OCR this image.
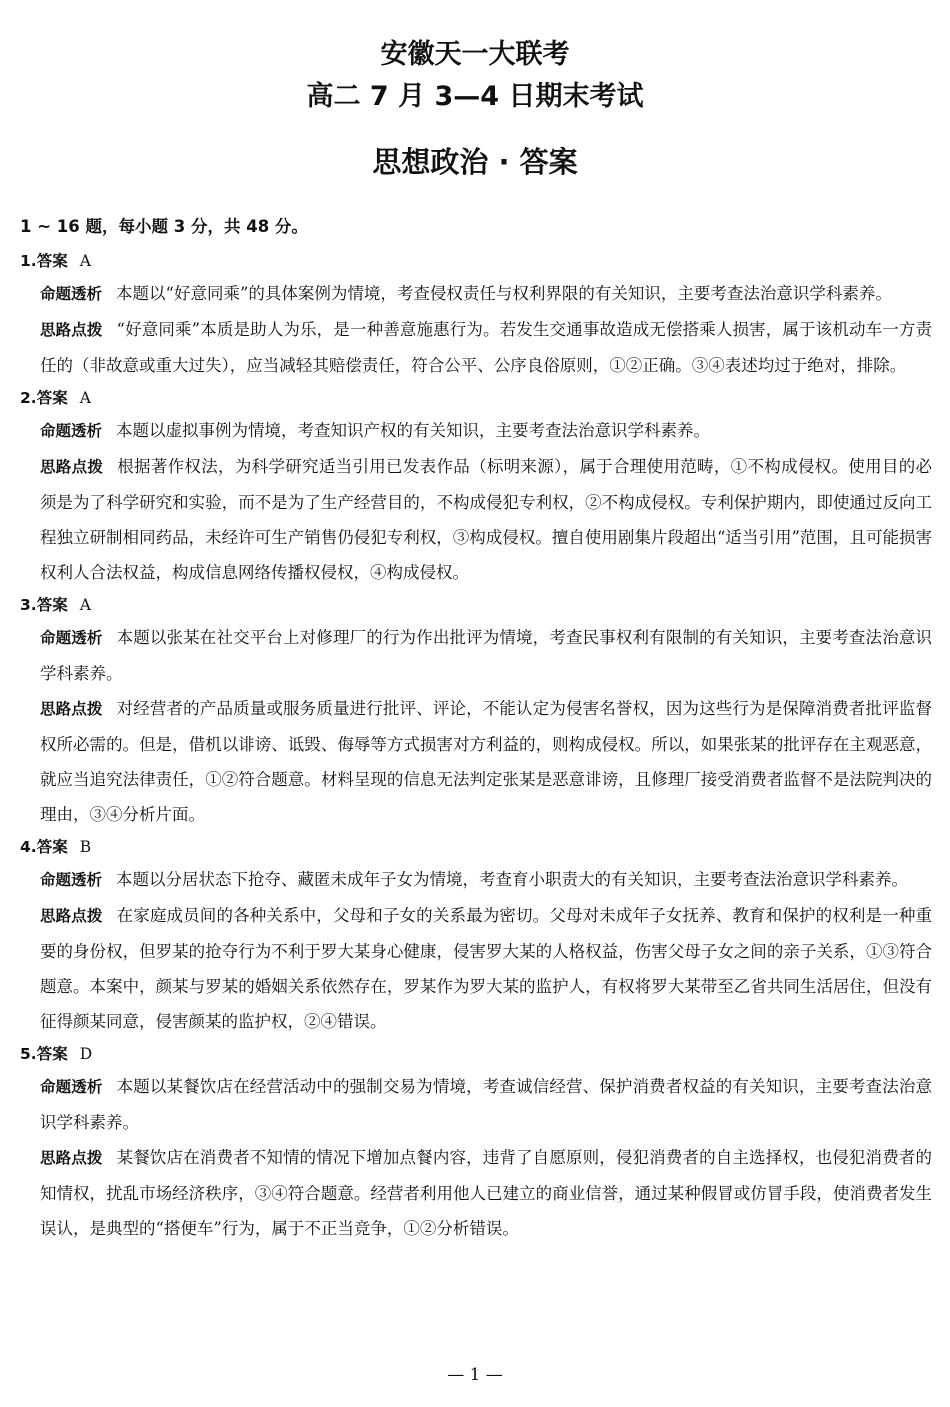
安徽天一大联考
高二 7 月 3—4 日期末考试
思想政治 · 答案
1 ~ 16 题，每小题 3 分，共 48 分。
1.答案 A
命题透析 本题以“好意同乘”的具体案例为情境，考查侵权责任与权利界限的有关知识，主要考查法治意识学科素养。
思路点拨 “好意同乘”本质是助人为乐，是一种善意施惠行为。若发生交通事故造成无偿搭乘人损害，属于该机动车一方责任的（非故意或重大过失），应当减轻其赔偿责任，符合公平、公序良俗原则，①②正确。③④表述均过于绝对，排除。
2.答案 A
命题透析 本题以虚拟事例为情境，考查知识产权的有关知识，主要考查法治意识学科素养。
思路点拨 根据著作权法，为科学研究适当引用已发表作品（标明来源），属于合理使用范畴，①不构成侵权。使用目的必须是为了科学研究和实验，而不是为了生产经营目的，不构成侵犯专利权，②不构成侵权。专利保护期内，即使通过反向工程独立研制相同药品，未经许可生产销售仍侵犯专利权，③构成侵权。擅自使用剧集片段超出“适当引用”范围，且可能损害权利人合法权益，构成信息网络传播权侵权，④构成侵权。
3.答案 A
命题透析 本题以张某在社交平台上对修理厂的行为作出批评为情境，考查民事权利有限制的有关知识，主要考查法治意识学科素养。
思路点拨 对经营者的产品质量或服务质量进行批评、评论，不能认定为侵害名誉权，因为这些行为是保障消费者批评监督权所必需的。但是，借机以诽谤、诋毁、侮辱等方式损害对方利益的，则构成侵权。所以，如果张某的批评存在主观恶意，就应当追究法律责任，①②符合题意。材料呈现的信息无法判定张某是恶意诽谤，且修理厂接受消费者监督不是法院判决的理由，③④分析片面。
4.答案 B
命题透析 本题以分居状态下抢夺、藏匿未成年子女为情境，考查育小职责大的有关知识，主要考查法治意识学科素养。
思路点拨 在家庭成员间的各种关系中，父母和子女的关系最为密切。父母对未成年子女抚养、教育和保护的权利是一种重要的身份权，但罗某的抢夺行为不利于罗大某身心健康，侵害罗大某的人格权益，伤害父母子女之间的亲子关系，①③符合题意。本案中，颜某与罗某的婚姻关系依然存在，罗某作为罗大某的监护人，有权将罗大某带至乙省共同生活居住，但没有征得颜某同意，侵害颜某的监护权，②④错误。
5.答案 D
命题透析 本题以某餐饮店在经营活动中的强制交易为情境，考查诚信经营、保护消费者权益的有关知识，主要考查法治意识学科素养。
思路点拨 某餐饮店在消费者不知情的情况下增加点餐内容，违背了自愿原则，侵犯消费者的自主选择权，也侵犯消费者的知情权，扰乱市场经济秩序，③④符合题意。经营者利用他人已建立的商业信誉，通过某种假冒或仿冒手段，使消费者发生误认，是典型的“搭便车”行为，属于不正当竞争，①②分析错误。
— 1 —
